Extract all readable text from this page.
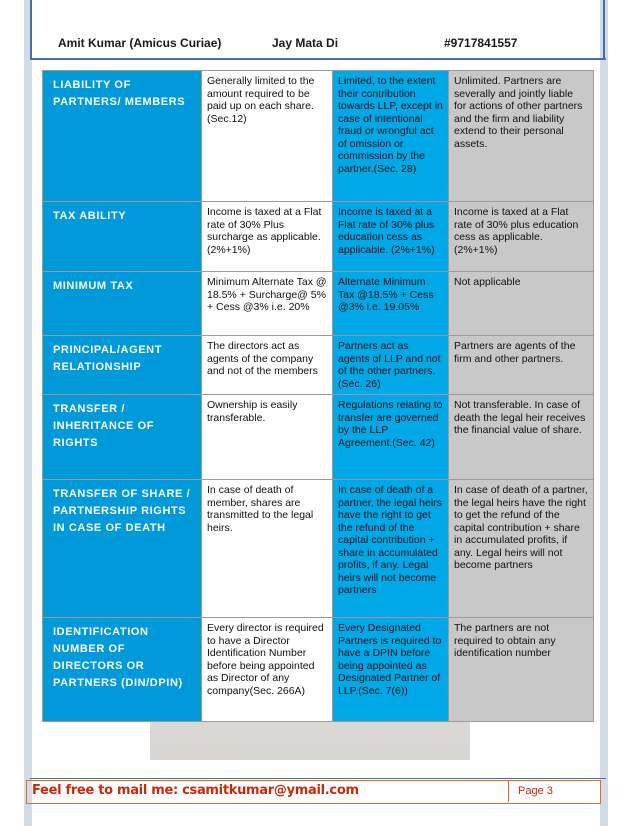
Amit Kumar (Amicus Curiae)	Jay Mata Di	#9717841557
LIABILITY OF PARTNERS/ MEMBERS	Generally limited to the amount required to be paid up on each share. (Sec.12)	Limited, to the extent their contribution towards LLP, except in case of intentional fraud or wrongful act of omission or commission by the partner.(Sec. 28)	Unlimited. Partners are severally and jointly liable for actions of other partners and the firm and liability extend to their personal assets.
TAX ABILITY	Income is taxed at a Flat rate of 30% Plus surcharge as applicable. (2%+1%)	Income is taxed at a Flat rate of 30% plus education cess as applicable. (2%+1%)	Income is taxed at a Flat rate of 30% plus education cess as applicable. (2%+1%)
MINIMUM TAX	Minimum Alternate Tax @ 18.5% + Surcharge@ 5% + Cess @3% i.e. 20%	Alternate Minimum Tax @18.5% + Cess @3% i.e. 19.05%	Not applicable
PRINCIPAL/AGENT RELATIONSHIP	The directors act as agents of the company and not of the members	Partners act as agents of LLP and not of the other partners.(Sec. 26)	Partners are agents of the firm and other partners.
TRANSFER / INHERITANCE OF RIGHTS	Ownership is easily transferable.	Regulations relating to transfer are governed by the LLP Agreement.(Sec. 42)	Not transferable. In case of death the legal heir receives the financial value of share.
TRANSFER OF SHARE / PARTNERSHIP RIGHTS IN CASE OF DEATH	In case of death of member, shares are transmitted to the legal heirs.	In case of death of a partner, the legal heirs have the right to get the refund of the capital contribution + share in accumulated profits, if any. Legal heirs will not become partners	In case of death of a partner, the legal heirs have the right to get the refund of the capital contribution + share in accumulated profits, if any. Legal heirs will not become partners
IDENTIFICATION NUMBER OF DIRECTORS OR PARTNERS (DIN/DPIN)	Every director is required to have a Director Identification Number before being appointed as Director of any company(Sec. 266A)	Every Designated Partners is required to have a DPIN before being appointed as Designated Partner of LLP.(Sec. 7(6))	The partners are not required to obtain any identification number
Feel free to mail me: csamitkumar@ymail.com	Page 3
